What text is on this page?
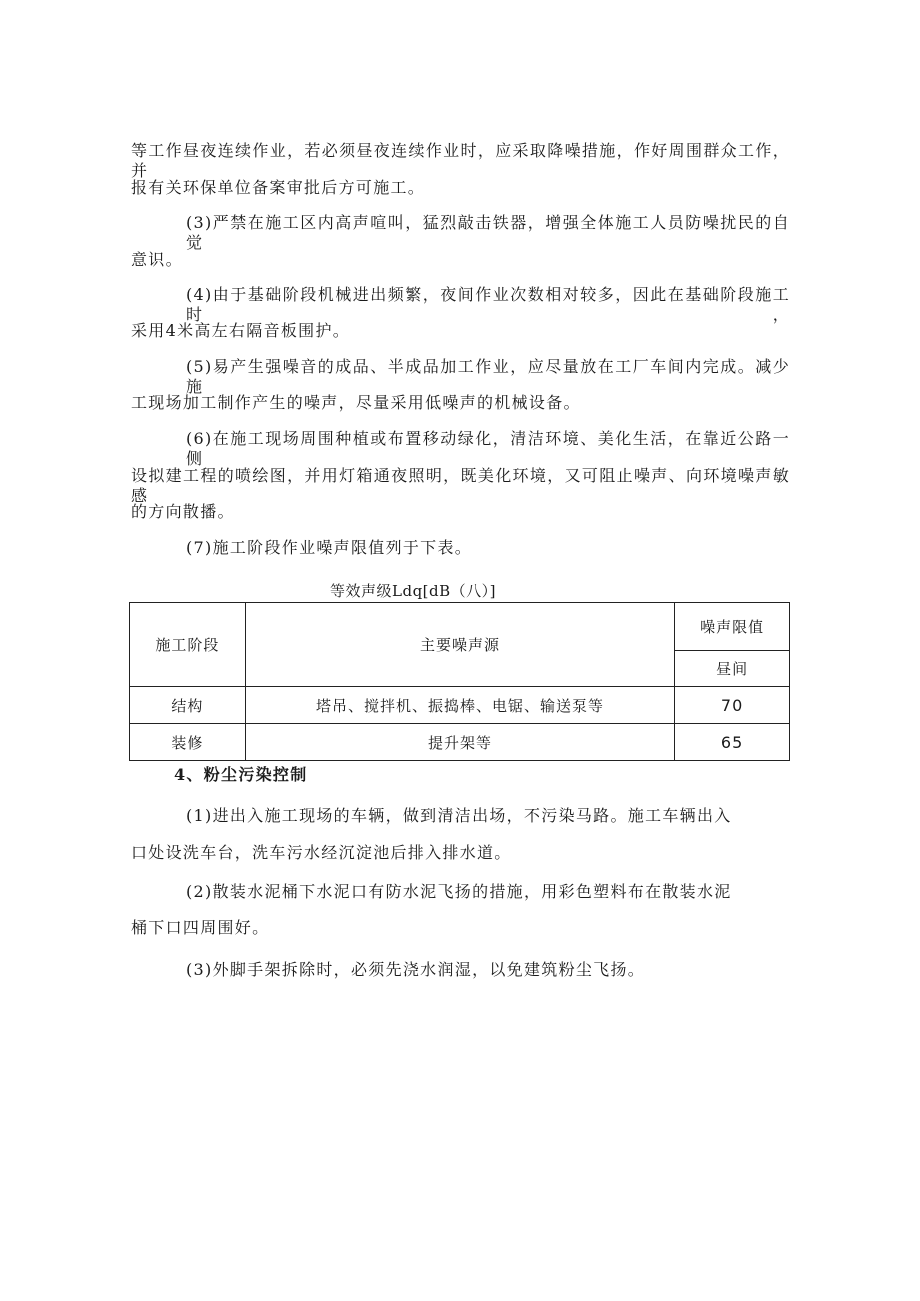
等工作昼夜连续作业，若必须昼夜连续作业时，应采取降噪措施，作好周围群众工作，并
报有关环保单位备案审批后方可施工。
(3)严禁在施工区内高声喧叫，猛烈敲击铁器，增强全体施工人员防噪扰民的自觉
意识。
(4)由于基础阶段机械进出频繁，夜间作业次数相对较多，因此在基础阶段施工时，
采用4米高左右隔音板围护。
(5)易产生强噪音的成品、半成品加工作业，应尽量放在工厂车间内完成。减少施
工现场加工制作产生的噪声，尽量采用低噪声的机械设备。
(6)在施工现场周围种植或布置移动绿化，清洁环境、美化生活，在靠近公路一侧
设拟建工程的喷绘图，并用灯箱通夜照明，既美化环境，又可阻止噪声、向环境噪声敏感
的方向散播。
(7)施工阶段作业噪声限值列于下表。
等效声级Ldq[dB（八）]
施工阶段	主要噪声源	噪声限值
		昼间
结构	塔吊、搅拌机、振捣棒、电锯、输送泵等	70
装修	提升架等	65
4、粉尘污染控制
(1)进出入施工现场的车辆，做到清洁出场，不污染马路。施工车辆出入
口处设洗车台，洗车污水经沉淀池后排入排水道。
(2)散装水泥桶下水泥口有防水泥飞扬的措施，用彩色塑料布在散装水泥
桶下口四周围好。
(3)外脚手架拆除时，必须先浇水润湿，以免建筑粉尘飞扬。
